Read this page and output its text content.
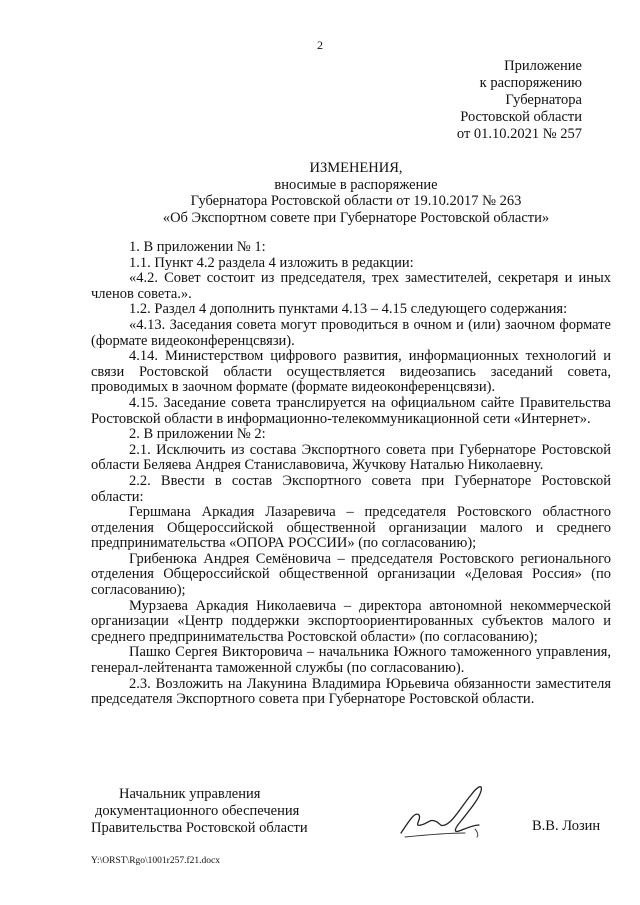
2
Приложение
к распоряжению
Губернатора
Ростовской области
от 01.10.2021 № 257
ИЗМЕНЕНИЯ,
вносимые в распоряжение
Губернатора Ростовской области от 19.10.2017 № 263
«Об Экспортном совете при Губернаторе Ростовской области»

1. В приложении № 1:

1.1. Пункт 4.2 раздела 4 изложить в редакции:

«4.2. Совет состоит из председателя, трех заместителей, секретаря и иных членов совета.».

1.2. Раздел 4 дополнить пунктами 4.13 – 4.15 следующего содержания:

«4.13. Заседания совета могут проводиться в очном и (или) заочном формате (формате видеоконференцсвязи).

4.14. Министерством цифрового развития, информационных технологий и связи Ростовской области осуществляется видеозапись заседаний совета, проводимых в заочном формате (формате видеоконференцсвязи).

4.15. Заседание совета транслируется на официальном сайте Правительства Ростовской области в информационно-телекоммуникационной сети «Интернет».

2. В приложении № 2:

2.1. Исключить из состава Экспортного совета при Губернаторе Ростовской области Беляева Андрея Станиславовича, Жучкову Наталью Николаевну.

2.2. Ввести в состав Экспортного совета при Губернаторе Ростовской области:

Гершмана Аркадия Лазаревича – председателя Ростовского областного отделения Общероссийской общественной организации малого и среднего предпринимательства «ОПОРА РОССИИ» (по согласованию);

Грибенюка Андрея Семёновича – председателя Ростовского регионального отделения Общероссийской общественной организации «Деловая Россия» (по согласованию);

Мурзаева Аркадия Николаевича – директора автономной некоммерческой организации «Центр поддержки экспортоориентированных субъектов малого и среднего предпринимательства Ростовской области» (по согласованию);

Пашко Сергея Викторовича – начальника Южного таможенного управления, генерал-лейтенанта таможенной службы (по согласованию).

2.3. Возложить на Лакунина Владимира Юрьевича обязанности заместителя председателя Экспортного совета при Губернаторе Ростовской области.

Начальник управления
документационного обеспечения
Правительства Ростовской области	В.В. Лозин
Y:\ORST\Rgo\1001r257.f21.docx
